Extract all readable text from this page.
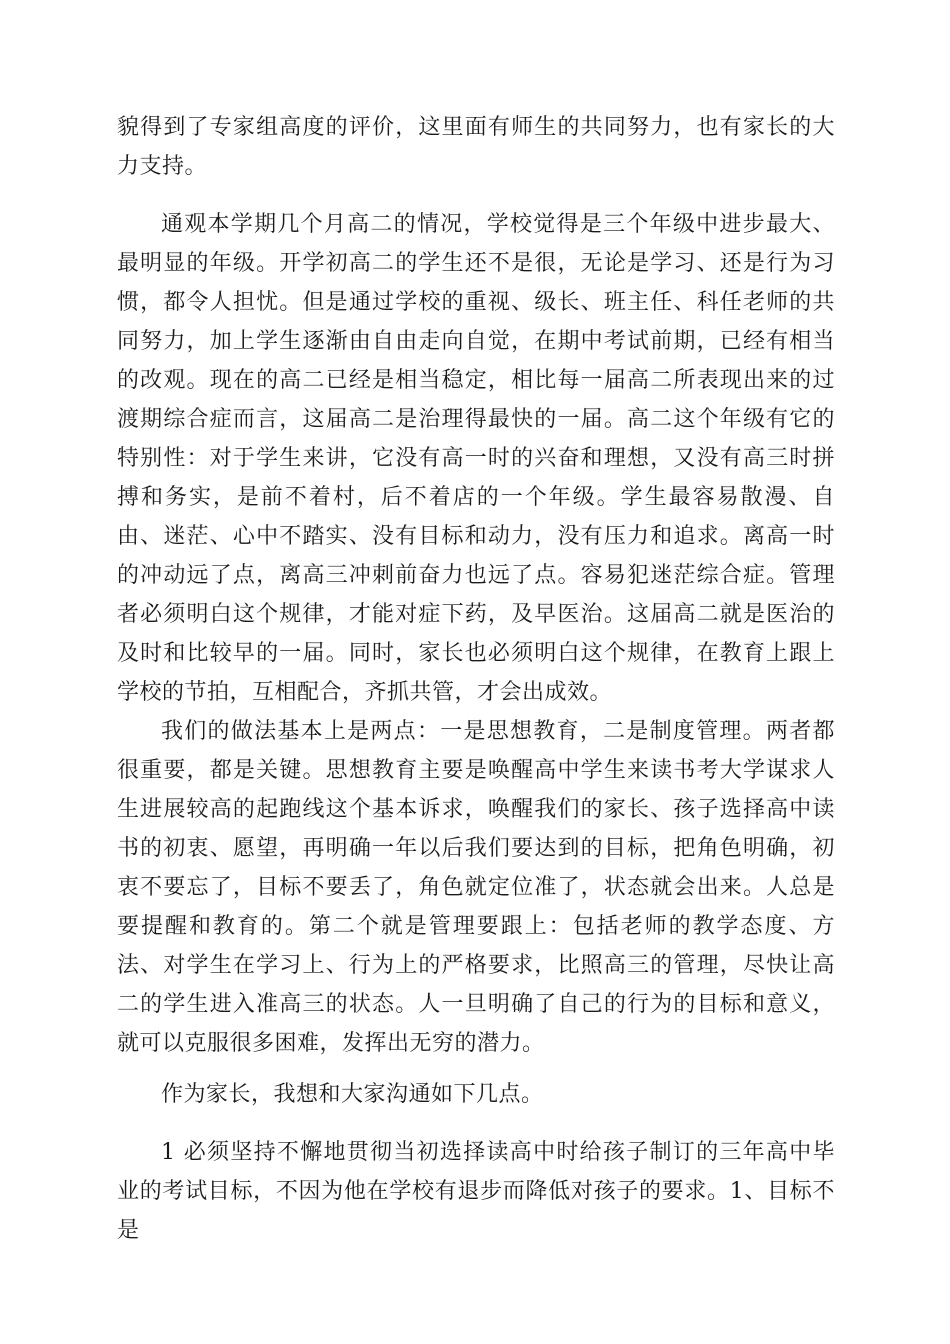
貌得到了专家组高度的评价，这里面有师生的共同努力，也有家长的大力支持。

通观本学期几个月高二的情况，学校觉得是三个年级中进步最大、最明显的年级。开学初高二的学生还不是很，无论是学习、还是行为习惯，都令人担忧。但是通过学校的重视、级长、班主任、科任老师的共同努力，加上学生逐渐由自由走向自觉，在期中考试前期，已经有相当的改观。现在的高二已经是相当稳定，相比每一届高二所表现出来的过渡期综合症而言，这届高二是治理得最快的一届。高二这个年级有它的特别性：对于学生来讲，它没有高一时的兴奋和理想，又没有高三时拼搏和务实，是前不着村，后不着店的一个年级。学生最容易散漫、自由、迷茫、心中不踏实、没有目标和动力，没有压力和追求。离高一时的冲动远了点，离高三冲刺前奋力也远了点。容易犯迷茫综合症。管理者必须明白这个规律，才能对症下药，及早医治。这届高二就是医治的及时和比较早的一届。同时，家长也必须明白这个规律，在教育上跟上学校的节拍，互相配合，齐抓共管，才会出成效。

我们的做法基本上是两点：一是思想教育，二是制度管理。两者都很重要，都是关键。思想教育主要是唤醒高中学生来读书考大学谋求人生进展较高的起跑线这个基本诉求，唤醒我们的家长、孩子选择高中读书的初衷、愿望，再明确一年以后我们要达到的目标，把角色明确，初衷不要忘了，目标不要丢了，角色就定位准了，状态就会出来。人总是要提醒和教育的。第二个就是管理要跟上：包括老师的教学态度、方法、对学生在学习上、行为上的严格要求，比照高三的管理，尽快让高二的学生进入准高三的状态。人一旦明确了自己的行为的目标和意义，就可以克服很多困难，发挥出无穷的潜力。

作为家长，我想和大家沟通如下几点。

1 必须坚持不懈地贯彻当初选择读高中时给孩子制订的三年高中毕业的考试目标，不因为他在学校有退步而降低对孩子的要求。1、目标不是
